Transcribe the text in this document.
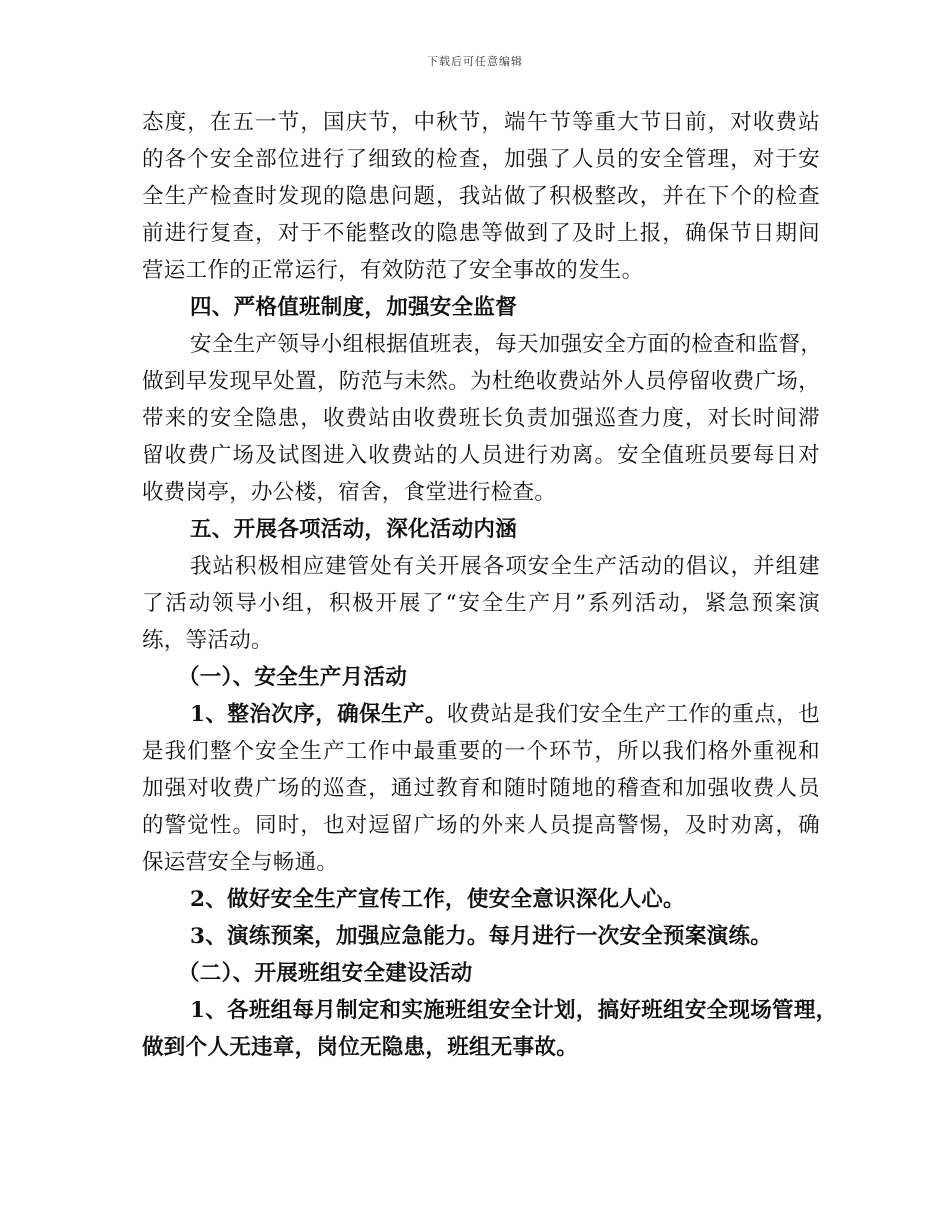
下载后可任意编辑
态度，在五一节，国庆节，中秋节，端午节等重大节日前，对收费站
的各个安全部位进行了细致的检查，加强了人员的安全管理，对于安
全生产检查时发现的隐患问题，我站做了积极整改，并在下个的检查
前进行复查，对于不能整改的隐患等做到了及时上报，确保节日期间
营运工作的正常运行，有效防范了安全事故的发生。
四、严格值班制度，加强安全监督
安全生产领导小组根据值班表，每天加强安全方面的检查和监督，
做到早发现早处置，防范与未然。为杜绝收费站外人员停留收费广场，
带来的安全隐患，收费站由收费班长负责加强巡查力度，对长时间滞
留收费广场及试图进入收费站的人员进行劝离。安全值班员要每日对
收费岗亭，办公楼，宿舍，食堂进行检查。
五、开展各项活动，深化活动内涵
我站积极相应建管处有关开展各项安全生产活动的倡议，并组建
了活动领导小组，积极开展了“安全生产月”系列活动，紧急预案演
练，等活动。
（一）、安全生产月活动
1、整治次序，确保生产。收费站是我们安全生产工作的重点，也
是我们整个安全生产工作中最重要的一个环节，所以我们格外重视和
加强对收费广场的巡查，通过教育和随时随地的稽查和加强收费人员
的警觉性。同时，也对逗留广场的外来人员提高警惕，及时劝离，确
保运营安全与畅通。
2、做好安全生产宣传工作，使安全意识深化人心。
3、演练预案，加强应急能力。每月进行一次安全预案演练。
（二）、开展班组安全建设活动
1、各班组每月制定和实施班组安全计划，搞好班组安全现场管理，
做到个人无违章，岗位无隐患，班组无事故。
